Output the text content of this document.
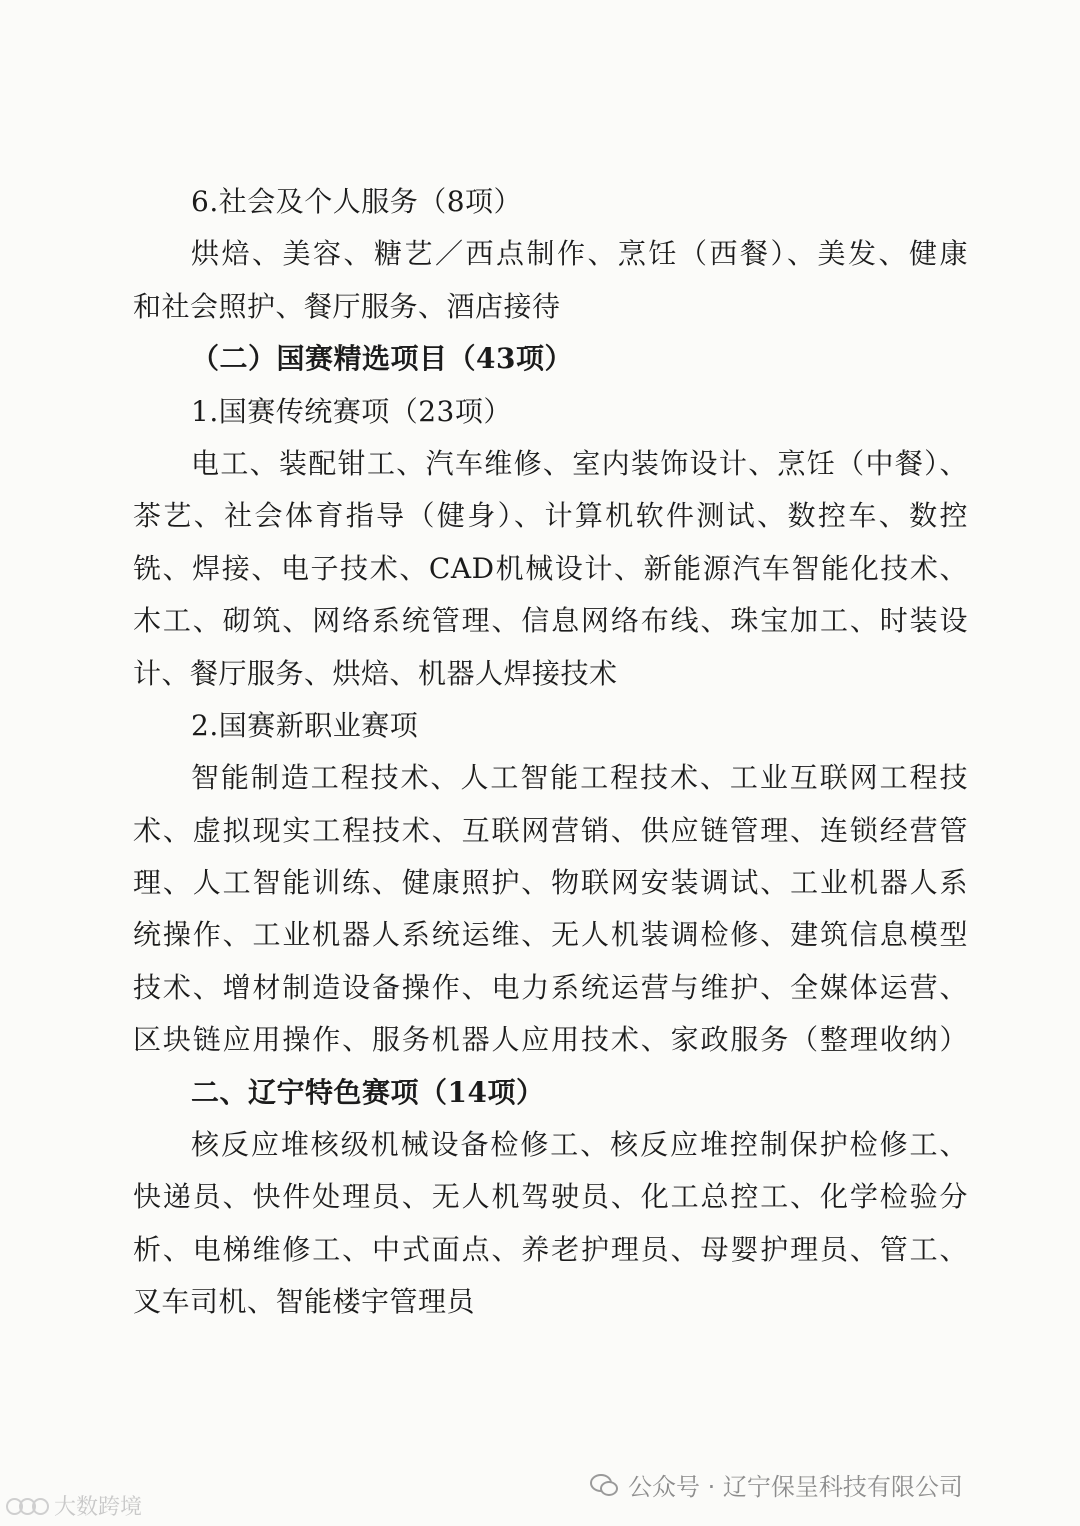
6.社会及个人服务（8项）
烘焙、美容、糖艺／西点制作、烹饪（西餐）、美发、健康
和社会照护、餐厅服务、酒店接待
（二）国赛精选项目（43项）
1.国赛传统赛项（23项）
电工、装配钳工、汽车维修、室内装饰设计、烹饪（中餐）、
茶艺、社会体育指导（健身）、计算机软件测试、数控车、数控
铣、焊接、电子技术、CAD机械设计、新能源汽车智能化技术、
木工、砌筑、网络系统管理、信息网络布线、珠宝加工、时装设
计、餐厅服务、烘焙、机器人焊接技术
2.国赛新职业赛项
智能制造工程技术、人工智能工程技术、工业互联网工程技
术、虚拟现实工程技术、互联网营销、供应链管理、连锁经营管
理、人工智能训练、健康照护、物联网安装调试、工业机器人系
统操作、工业机器人系统运维、无人机装调检修、建筑信息模型
技术、增材制造设备操作、电力系统运营与维护、全媒体运营、
区块链应用操作、服务机器人应用技术、家政服务（整理收纳）
二、辽宁特色赛项（14项）
核反应堆核级机械设备检修工、核反应堆控制保护检修工、
快递员、快件处理员、无人机驾驶员、化工总控工、化学检验分
析、电梯维修工、中式面点、养老护理员、母婴护理员、管工、
叉车司机、智能楼宇管理员
公众号 · 辽宁保呈科技有限公司
大数跨境
